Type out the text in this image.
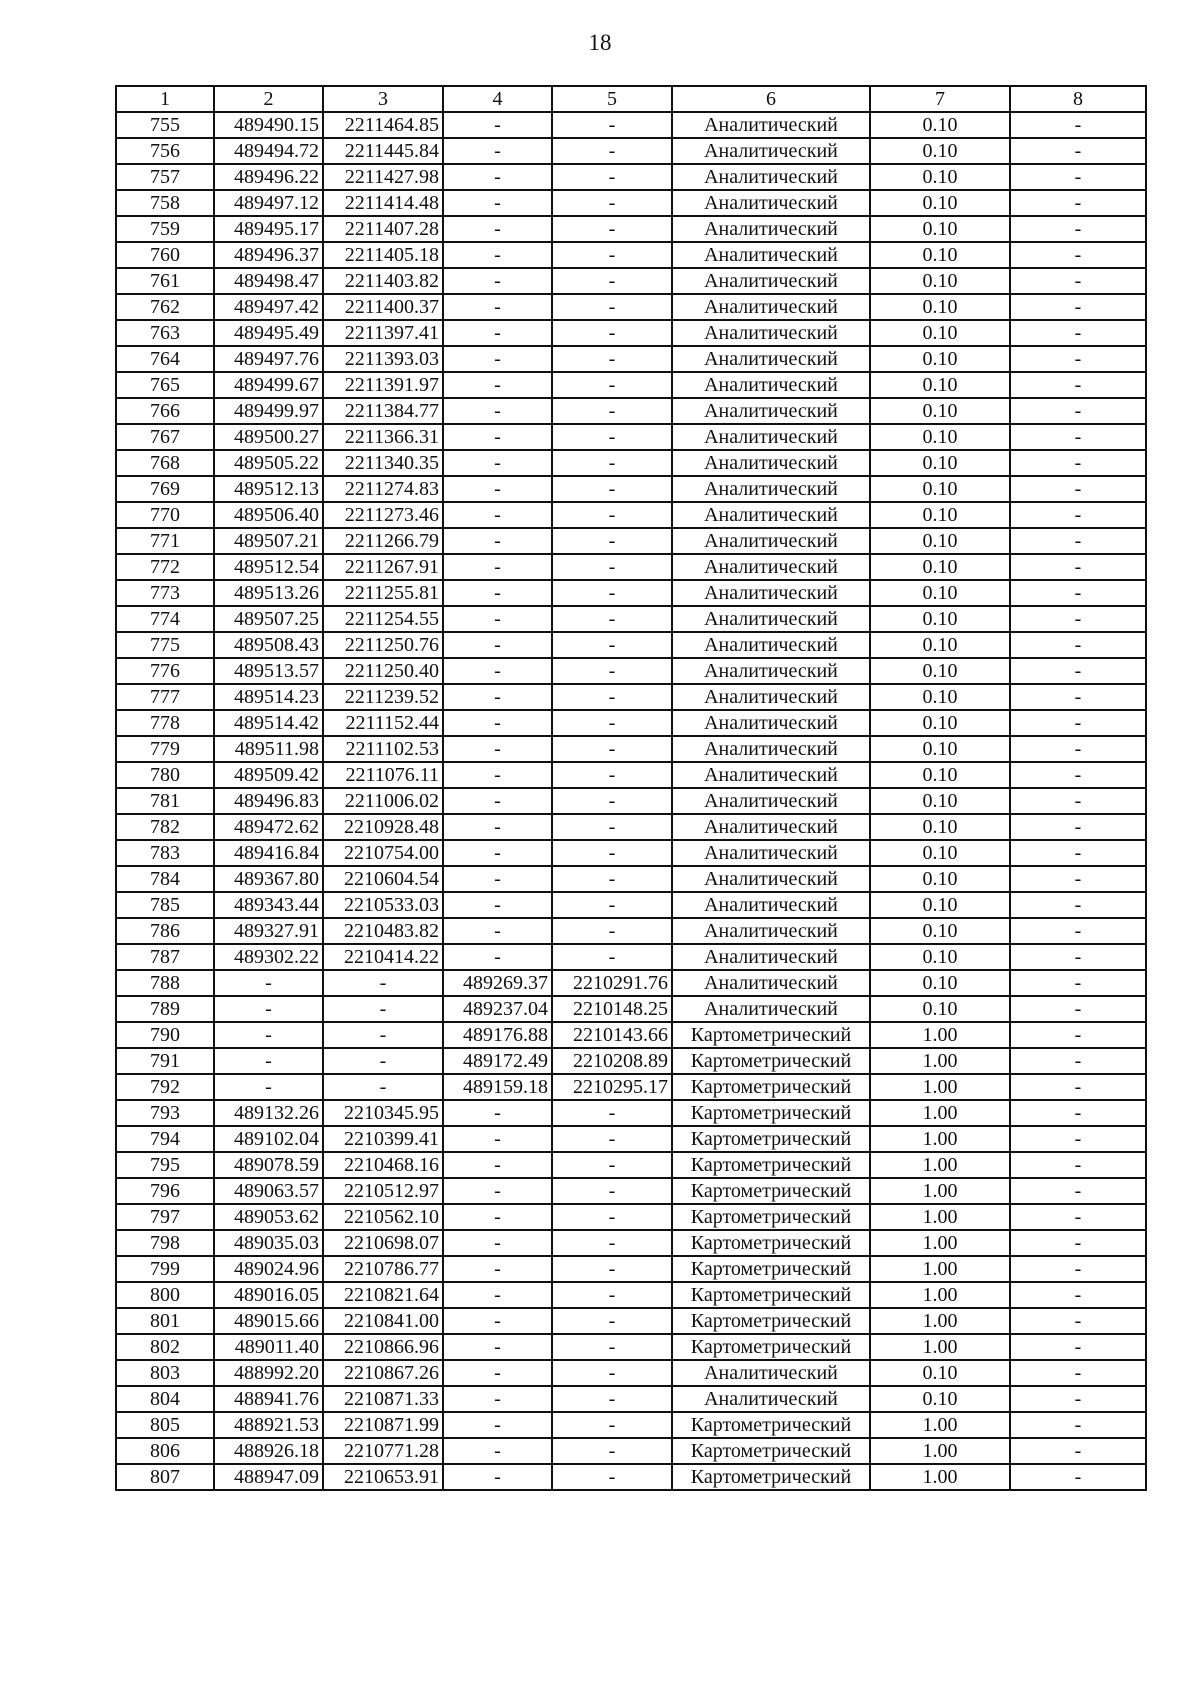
18
1	2	3	4	5	6	7	8
755	489490.15	2211464.85	-	-	Аналитический	0.10	-
756	489494.72	2211445.84	-	-	Аналитический	0.10	-
757	489496.22	2211427.98	-	-	Аналитический	0.10	-
758	489497.12	2211414.48	-	-	Аналитический	0.10	-
759	489495.17	2211407.28	-	-	Аналитический	0.10	-
760	489496.37	2211405.18	-	-	Аналитический	0.10	-
761	489498.47	2211403.82	-	-	Аналитический	0.10	-
762	489497.42	2211400.37	-	-	Аналитический	0.10	-
763	489495.49	2211397.41	-	-	Аналитический	0.10	-
764	489497.76	2211393.03	-	-	Аналитический	0.10	-
765	489499.67	2211391.97	-	-	Аналитический	0.10	-
766	489499.97	2211384.77	-	-	Аналитический	0.10	-
767	489500.27	2211366.31	-	-	Аналитический	0.10	-
768	489505.22	2211340.35	-	-	Аналитический	0.10	-
769	489512.13	2211274.83	-	-	Аналитический	0.10	-
770	489506.40	2211273.46	-	-	Аналитический	0.10	-
771	489507.21	2211266.79	-	-	Аналитический	0.10	-
772	489512.54	2211267.91	-	-	Аналитический	0.10	-
773	489513.26	2211255.81	-	-	Аналитический	0.10	-
774	489507.25	2211254.55	-	-	Аналитический	0.10	-
775	489508.43	2211250.76	-	-	Аналитический	0.10	-
776	489513.57	2211250.40	-	-	Аналитический	0.10	-
777	489514.23	2211239.52	-	-	Аналитический	0.10	-
778	489514.42	2211152.44	-	-	Аналитический	0.10	-
779	489511.98	2211102.53	-	-	Аналитический	0.10	-
780	489509.42	2211076.11	-	-	Аналитический	0.10	-
781	489496.83	2211006.02	-	-	Аналитический	0.10	-
782	489472.62	2210928.48	-	-	Аналитический	0.10	-
783	489416.84	2210754.00	-	-	Аналитический	0.10	-
784	489367.80	2210604.54	-	-	Аналитический	0.10	-
785	489343.44	2210533.03	-	-	Аналитический	0.10	-
786	489327.91	2210483.82	-	-	Аналитический	0.10	-
787	489302.22	2210414.22	-	-	Аналитический	0.10	-
788	-	-	489269.37	2210291.76	Аналитический	0.10	-
789	-	-	489237.04	2210148.25	Аналитический	0.10	-
790	-	-	489176.88	2210143.66	Картометрический	1.00	-
791	-	-	489172.49	2210208.89	Картометрический	1.00	-
792	-	-	489159.18	2210295.17	Картометрический	1.00	-
793	489132.26	2210345.95	-	-	Картометрический	1.00	-
794	489102.04	2210399.41	-	-	Картометрический	1.00	-
795	489078.59	2210468.16	-	-	Картометрический	1.00	-
796	489063.57	2210512.97	-	-	Картометрический	1.00	-
797	489053.62	2210562.10	-	-	Картометрический	1.00	-
798	489035.03	2210698.07	-	-	Картометрический	1.00	-
799	489024.96	2210786.77	-	-	Картометрический	1.00	-
800	489016.05	2210821.64	-	-	Картометрический	1.00	-
801	489015.66	2210841.00	-	-	Картометрический	1.00	-
802	489011.40	2210866.96	-	-	Картометрический	1.00	-
803	488992.20	2210867.26	-	-	Аналитический	0.10	-
804	488941.76	2210871.33	-	-	Аналитический	0.10	-
805	488921.53	2210871.99	-	-	Картометрический	1.00	-
806	488926.18	2210771.28	-	-	Картометрический	1.00	-
807	488947.09	2210653.91	-	-	Картометрический	1.00	-
